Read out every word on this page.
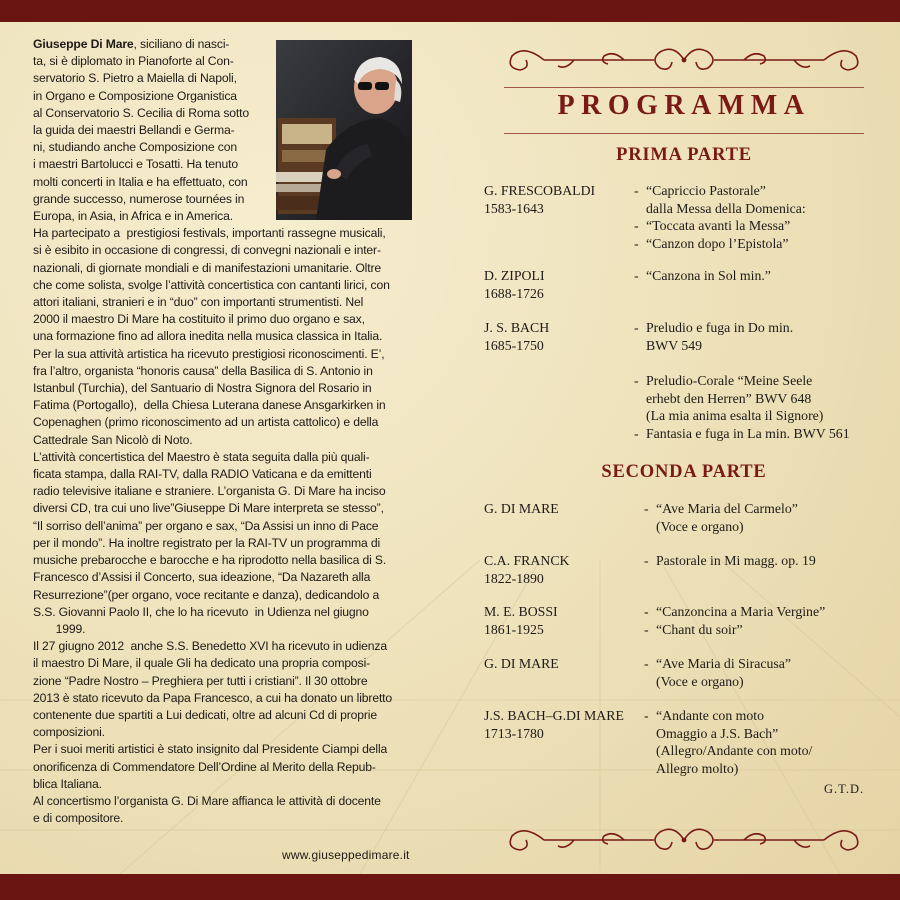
Giuseppe Di Mare, siciliano di nasci-
ta, si è diplomato in Pianoforte al Con-
servatorio S. Pietro a Maiella di Napoli,
in Organo e Composizione Organistica
al Conservatorio S. Cecilia di Roma sotto
la guida dei maestri Bellandi e Germa-
ni, studiando anche Composizione con
i maestri Bartolucci e Tosatti. Ha tenuto
molti concerti in Italia e ha effettuato, con
grande successo, numerose tournées in
Europa, in Asia, in Africa e in America.
Ha partecipato a  prestigiosi festivals, importanti rassegne musicali,
si è esibito in occasione di congressi, di convegni nazionali e inter-
nazionali, di giornate mondiali e di manifestazioni umanitarie. Oltre
che come solista, svolge l’attività concertistica con cantanti lirici, con
attori italiani, stranieri e in “duo” con importanti strumentisti. Nel
2000 il maestro Di Mare ha costituito il primo duo organo e sax,
una formazione fino ad allora inedita nella musica classica in Italia.
Per la sua attività artistica ha ricevuto prestigiosi riconoscimenti. E’,
fra l’altro, organista “honoris causa” della Basilica di S. Antonio in
Istanbul (Turchia), del Santuario di Nostra Signora del Rosario in
Fatima (Portogallo),  della Chiesa Luterana danese Ansgarkirken in
Copenaghen (primo riconoscimento ad un artista cattolico) e della
Cattedrale San Nicolò di Noto.
L’attività concertistica del Maestro è stata seguita dalla più quali-
ficata stampa, dalla RAI-TV, dalla RADIO Vaticana e da emittenti
radio televisive italiane e straniere. L’organista G. Di Mare ha inciso
diversi CD, tra cui uno live”Giuseppe Di Mare interpreta se stesso”,
“Il sorriso dell’anima” per organo e sax, “Da Assisi un inno di Pace
per il mondo”. Ha inoltre registrato per la RAI-TV un programma di
musiche prebarocche e barocche e ha riprodotto nella basilica di S.
Francesco d’Assisi il Concerto, sua ideazione, “Da Nazareth alla
Resurrezione”(per organo, voce recitante e danza), dedicandolo a
S.S. Giovanni Paolo II, che lo ha ricevuto  in Udienza nel giugno
1999.
Il 27 giugno 2012  anche S.S. Benedetto XVI ha ricevuto in udienza
il maestro Di Mare, il quale Gli ha dedicato una propria composi-
zione “Padre Nostro – Preghiera per tutti i cristiani”. Il 30 ottobre
2013 è stato ricevuto da Papa Francesco, a cui ha donato un libretto
contenente due spartiti a Lui dedicati, oltre ad alcuni Cd di proprie
composizioni.
Per i suoi meriti artistici è stato insignito dal Presidente Ciampi della
onorificenza di Commendatore Dell’Ordine al Merito della Repub-
blica Italiana.
Al concertismo l’organista G. Di Mare affianca le attività di docente
e di compositore.
www.giuseppedimare.it
PROGRAMMA
PRIMA PARTE
G. FRESCOBALDI
1583-1643
- “Capriccio Pastorale”
dalla Messa della Domenica:
- “Toccata avanti la Messa”
- “Canzon dopo l’Epistola”
D. ZIPOLI
1688-1726
- “Canzona in Sol min.”
J. S. BACH
1685-1750
- Preludio e fuga in Do min.
BWV 549
- Preludio-Corale “Meine Seele
erhebt den Herren” BWV 648
(La mia anima esalta il Signore)
- Fantasia e fuga in La min. BWV 561
SECONDA PARTE
G. DI MARE	- “Ave Maria del Carmelo”
(Voce e organo)
C.A. FRANCK
1822-1890
- Pastorale in Mi magg. op. 19
M. E. BOSSI
1861-1925
- “Canzoncina a Maria Vergine”
- “Chant du soir”
G. DI MARE	- “Ave Maria di Siracusa”
(Voce e organo)
J.S. BACH–G.DI MARE
1713-1780
- “Andante con moto
Omaggio a J.S. Bach”
(Allegro/Andante con moto/
Allegro molto)
G.T.D.
